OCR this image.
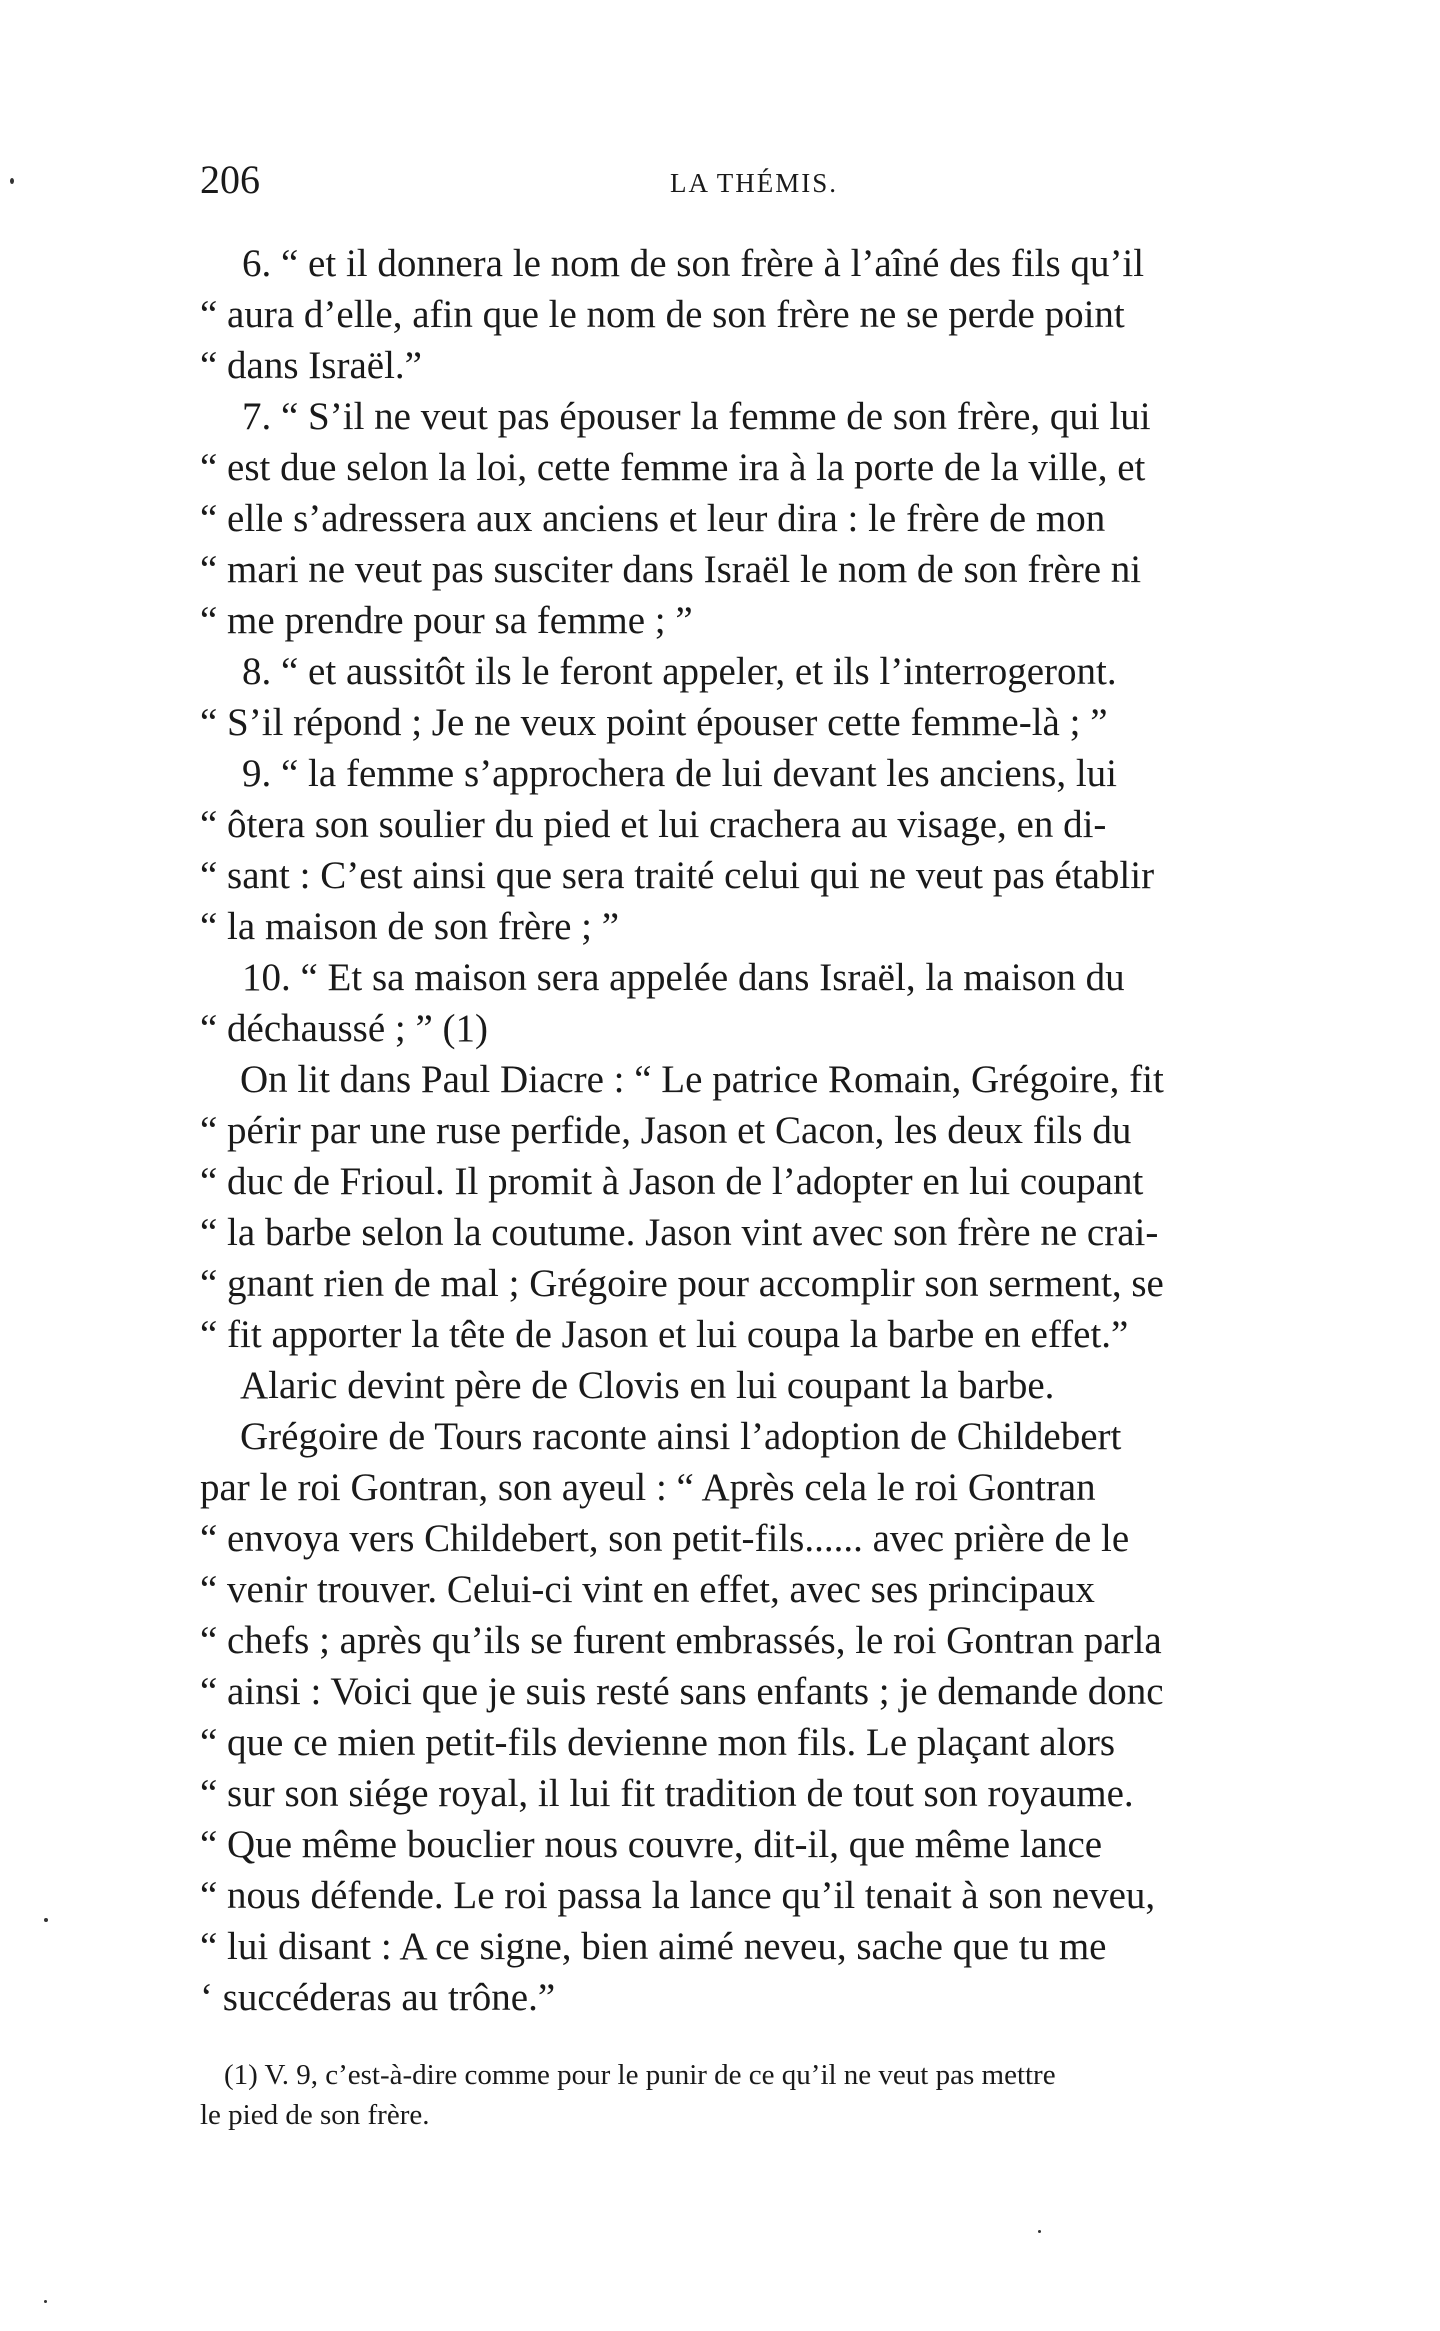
206	LA THÉMIS.
6. “ et il donnera le nom de son frère à l’aîné des fils qu’il
“ aura d’elle, afin que le nom de son frère ne se perde point
“ dans Israël.”
7. “ S’il ne veut pas épouser la femme de son frère, qui lui
“ est due selon la loi, cette femme ira à la porte de la ville, et
“ elle s’adressera aux anciens et leur dira : le frère de mon
“ mari ne veut pas susciter dans Israël le nom de son frère ni
“ me prendre pour sa femme ; ”
8. “ et aussitôt ils le feront appeler, et ils l’interrogeront.
“ S’il répond ; Je ne veux point épouser cette femme-là ; ”
9. “ la femme s’approchera de lui devant les anciens, lui
“ ôtera son soulier du pied et lui crachera au visage, en di-
“ sant : C’est ainsi que sera traité celui qui ne veut pas établir
“ la maison de son frère ; ”
10. “ Et sa maison sera appelée dans Israël, la maison du
“ déchaussé ; ” (1)
On lit dans Paul Diacre : “ Le patrice Romain, Grégoire, fit
“ périr par une ruse perfide, Jason et Cacon, les deux fils du
“ duc de Frioul. Il promit à Jason de l’adopter en lui coupant
“ la barbe selon la coutume. Jason vint avec son frère ne crai-
“ gnant rien de mal ; Grégoire pour accomplir son serment, se
“ fit apporter la tête de Jason et lui coupa la barbe en effet.”
Alaric devint père de Clovis en lui coupant la barbe.
Grégoire de Tours raconte ainsi l’adoption de Childebert
par le roi Gontran, son ayeul : “ Après cela le roi Gontran
“ envoya vers Childebert, son petit-fils...... avec prière de le
“ venir trouver. Celui-ci vint en effet, avec ses principaux
“ chefs ; après qu’ils se furent embrassés, le roi Gontran parla
“ ainsi : Voici que je suis resté sans enfants ; je demande donc
“ que ce mien petit-fils devienne mon fils. Le plaçant alors
“ sur son siége royal, il lui fit tradition de tout son royaume.
“ Que même bouclier nous couvre, dit-il, que même lance
“ nous défende. Le roi passa la lance qu’il tenait à son neveu,
“ lui disant : A ce signe, bien aimé neveu, sache que tu me
‘ succéderas au trône.”
(1) V. 9, c’est-à-dire comme pour le punir de ce qu’il ne veut pas mettre
le pied de son frère.
